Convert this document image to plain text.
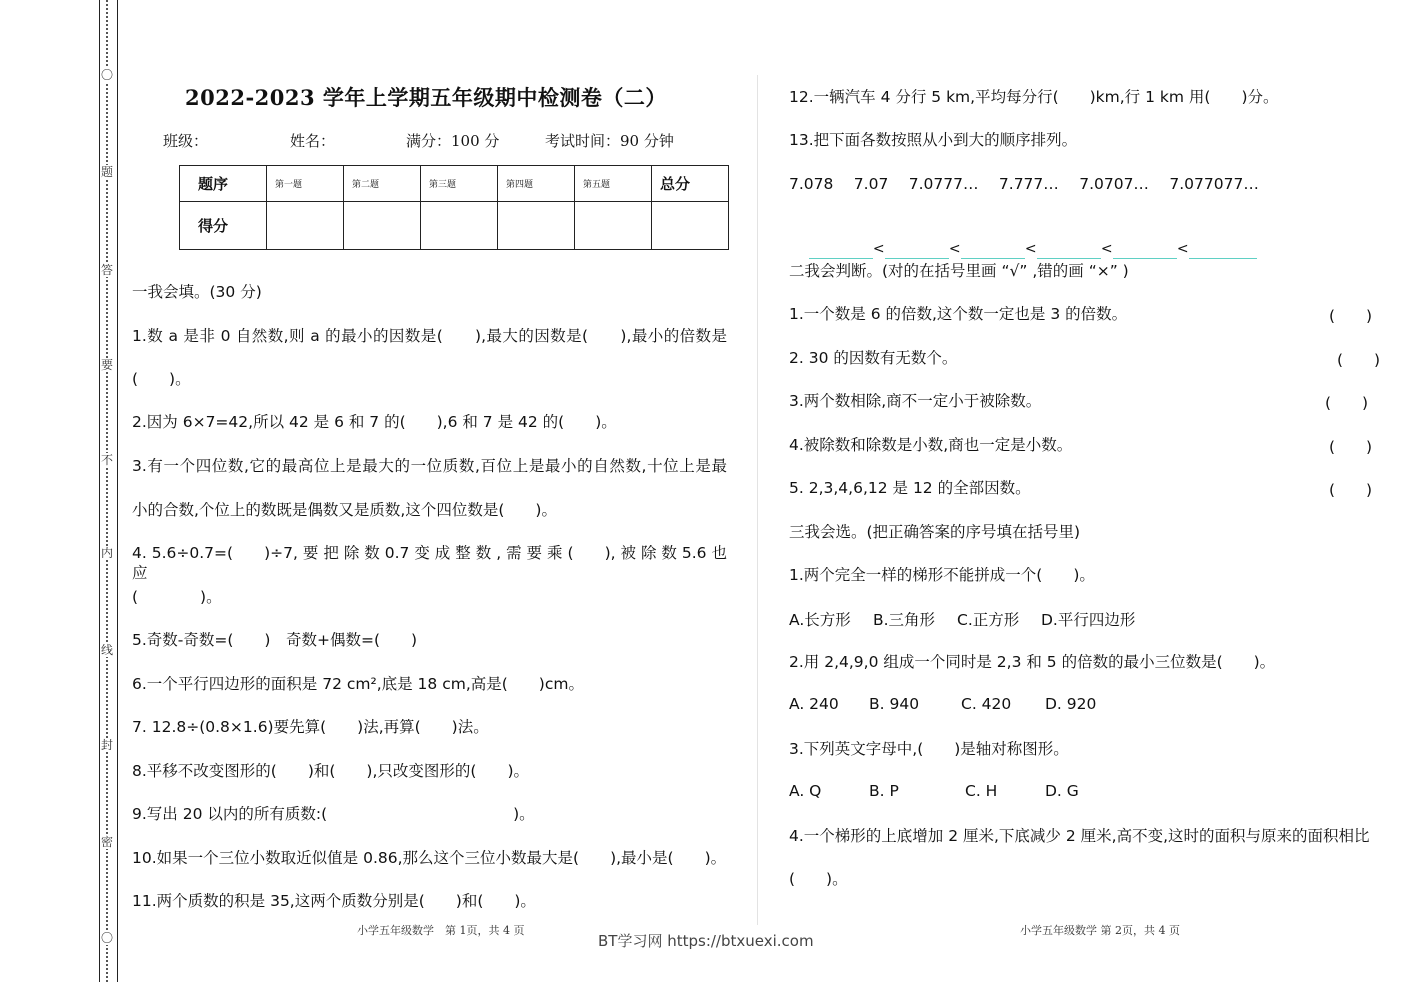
〇
题
答
要
不
内
线
封
密
〇
2022-2023 学年上学期五年级期中检测卷（二）
班级：	姓名：	满分：100 分	考试时间：90 分钟
题序	第一题	第二题	第三题	第四题	第五题	总分
得分						
一我会填。(30 分)
1.数 a 是非 0 自然数,则 a 的最小的因数是(　　),最大的因数是(　　),最小的倍数是
(　　)。
2.因为 6×7=42,所以 42 是 6 和 7 的(　　),6 和 7 是 42 的(　　)。
3.有一个四位数,它的最高位上是最大的一位质数,百位上是最小的自然数,十位上是最
小的合数,个位上的数既是偶数又是质数,这个四位数是(　　)。
4. 5.6÷0.7=(　　)÷7, 要 把 除 数 0.7 变 成 整 数 , 需 要 乘 (　　), 被 除 数 5.6 也 应
(　　　　)。
5.奇数-奇数=(　　)　奇数+偶数=(　　)
6.一个平行四边形的面积是 72 cm²,底是 18 cm,高是(　　)cm。
7. 12.8÷(0.8×1.6)要先算(　　)法,再算(　　)法。
8.平移不改变图形的(　　)和(　　),只改变图形的(　　)。
9.写出 20 以内的所有质数:(　　　　　　　　　　　　)。
10.如果一个三位小数取近似值是 0.86,那么这个三位小数最大是(　　),最小是(　　)。
11.两个质数的积是 35,这两个质数分别是(　　)和(　　)。
12.一辆汽车 4 分行 5 km,平均每分行(　　)km,行 1 km 用(　　)分。
13.把下面各数按照从小到大的顺序排列。
7.078　 7.07　 7.0777…　 7.777…　 7.0707…　 7.077077…

<	<	<	<	<

二我会判断。(对的在括号里画 “√” ,错的画 “×” )
1.一个数是 6 的倍数,这个数一定也是 3 的倍数。	(　　)
2. 30 的因数有无数个。	(　　)
3.两个数相除,商不一定小于被除数。	(　　)
4.被除数和除数是小数,商也一定是小数。	(　　)
5. 2,3,4,6,12 是 12 的全部因数。	(　　)
三我会选。(把正确答案的序号填在括号里)
1.两个完全一样的梯形不能拼成一个(　　)。
A.长方形 B.三角形 C.正方形 D.平行四边形
2.用 2,4,9,0 组成一个同时是 2,3 和 5 的倍数的最小三位数是(　　)。
A. 240 B. 940	C. 420 D. 920
3.下列英文字母中,(　　)是轴对称图形。
A. Q	B. P	C. H	D. G
4.一个梯形的上底增加 2 厘米,下底减少 2 厘米,高不变,这时的面积与原来的面积相比
(　　)。
小学五年级数学　第 1页，共 4 页	小学五年级数学 第 2页，共 4 页
BT学习网 https://btxuexi.com
